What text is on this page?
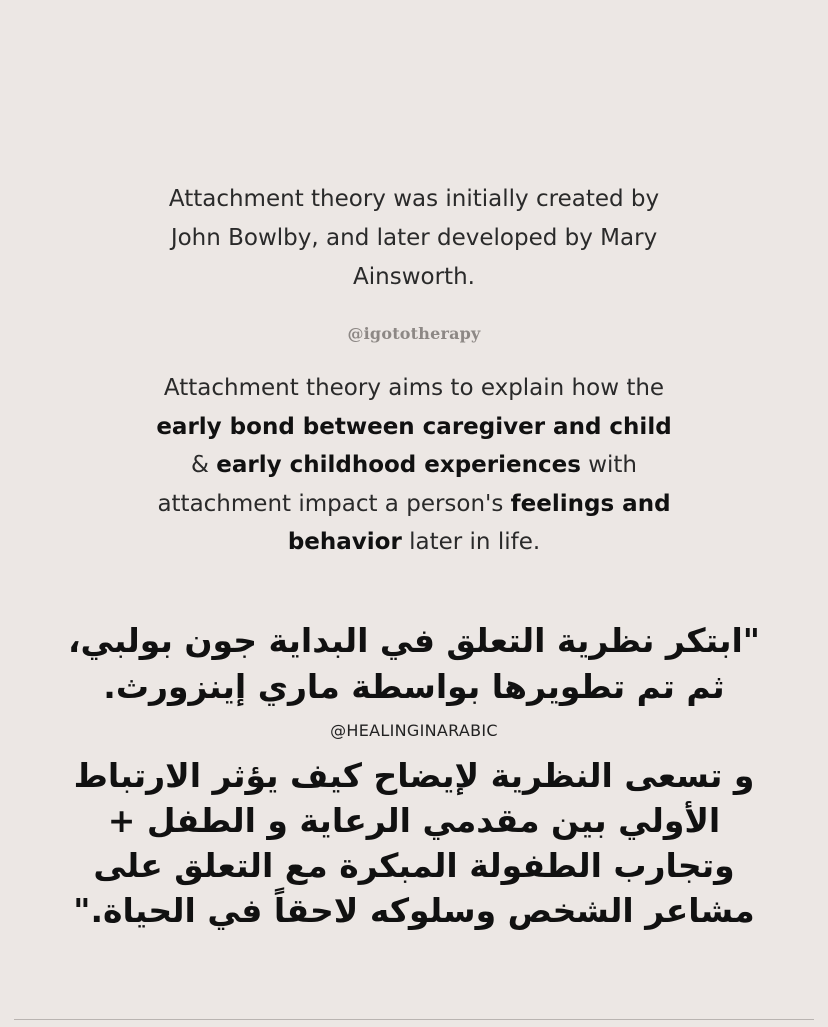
Attachment theory was initially created by
John Bowlby, and later developed by Mary
Ainsworth.
@igototherapy
Attachment theory aims to explain how the
early bond between caregiver and child
& early childhood experiences with
attachment impact a person's feelings and
behavior later in life.
"ابتكر نظرية التعلق في البداية جون بولبي،
ثم تم تطويرها بواسطة ماري إينزورث.
@HEALINGINARABIC
و تسعى النظرية لإيضاح كيف يؤثر الارتباط
الأولي بين مقدمي الرعاية و الطفل +
وتجارب الطفولة المبكرة مع التعلق على
مشاعر الشخص وسلوكه لاحقاً في الحياة."
